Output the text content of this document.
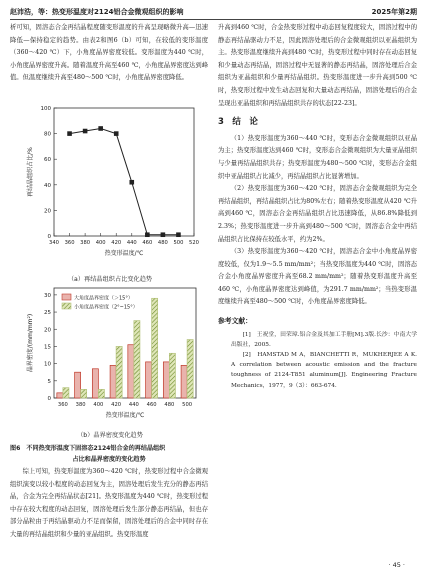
赵沛浩，等：热变形温度对2124铝合金微观组织的影响	2025年第2期

析可知，固溶态合金再结晶程度随变形温度的升高呈现略微升高—迅速降低—保持稳定的趋势。由表2和图6（b）可知，在较低的变形温度（360～420 ℃）下，小角度晶界密度较低。变形温度为440 ℃时，小角度晶界密度升高。随着温度升高至460 ℃，小角度晶界密度达到峰值。但温度继续升高至480～500 ℃时，小角度晶界密度降低。

0
20
40
60
80
100
340 360 380 400 420 440 460 480 500 520
热变形温度/℃
再结晶组织占比/%
（a）再结晶组织占比变化趋势
0
5
10
15
20
25
30
360 380 400 420 440 460 480 500
热变形温度/℃
晶界密度/(mm/mm²)
大角度晶界密度（＞15°）
小角度晶界密度（2°~15°）
（b）晶界密度变化趋势
图6　不同热变形温度下固溶态2124铝合金的再结晶组织
占比和晶界密度的变化趋势

综上可知，热变形温度为360～420 ℃时，热变形过程中合金微观组织演变以较小程度的动态回复为主，固溶处理后发生充分的静态再结晶，合金为完全再结晶状态[21]。热变形温度为440 ℃时，热变形过程中存在较大程度的动态回复，固溶处理后发生部分静态再结晶，但也存部分晶粒由于再结晶驱动力不足而保留，固溶处理后的合金中同时存在大量的再结晶组织和少量的亚晶组织。热变形温度

升高到460 ℃时，合金热变形过程中动态回复程度较大，固溶过程中的静态再结晶驱动力不足，因此固溶处理后的合金微观组织以亚晶组织为主。热变形温度继续升高到480 ℃时，热变形过程中同时存在动态回复和少量动态再结晶，固溶过程中无显著的静态再结晶，固溶处理后合金组织为亚晶组织和少量再结晶组织。热变形温度进一步升高到500 ℃时，热变形过程中发生动态回复和大量动态再结晶，固溶处理后的合金呈现出亚晶组织和再结晶组织共存的状态[22-23]。

3　结　论

（1）热变形温度为360～440 ℃时，变形态合金微观组织以亚晶为主；热变形温度达到460 ℃时，变形态合金微观组织为大量亚晶组织与少量再结晶组织共存；热变形温度为480～500 ℃时，变形态合金组织中亚晶组织占比减少，再结晶组织占比显著增加。

（2）热变形温度为360～420 ℃时，固溶态合金微观组织为完全再结晶组织，再结晶组织占比为80%左右；随着热变形温度从420 ℃升高到460 ℃，固溶态合金再结晶组织占比迅速降低，从86.8%降低到2.3%；热变形温度进一步升高到480～500 ℃时，固溶态合金中再结晶组织占比保持在较低水平，约为2%。

（3）热变形温度为360～420 ℃时，固溶态合金中小角度晶界密度较低，仅为1.9～5.5 mm/mm²；当热变形温度为440 ℃时，固溶态合金小角度晶界密度升高至68.2 mm/mm²；随着热变形温度升高至460 ℃，小角度晶界密度达到峰值，为291.7 mm/mm²；当热变形温度继续升高至480～500 ℃时，小角度晶界密度降低。

参考文献：

[1]　王祝堂，田荣璋.铝合金及其加工手册[M].3版.长沙：中南大学出版社，2005.

[2]　HAMSTAD M A，BIANCHETTI R，MUKHERJEE A K. A correlation between acoustic emission and the fracture toughness of 2124-T851 aluminum[J]. Engineering Fracture Mechanics，1977，9（3）：663-674.

· 45 ·
